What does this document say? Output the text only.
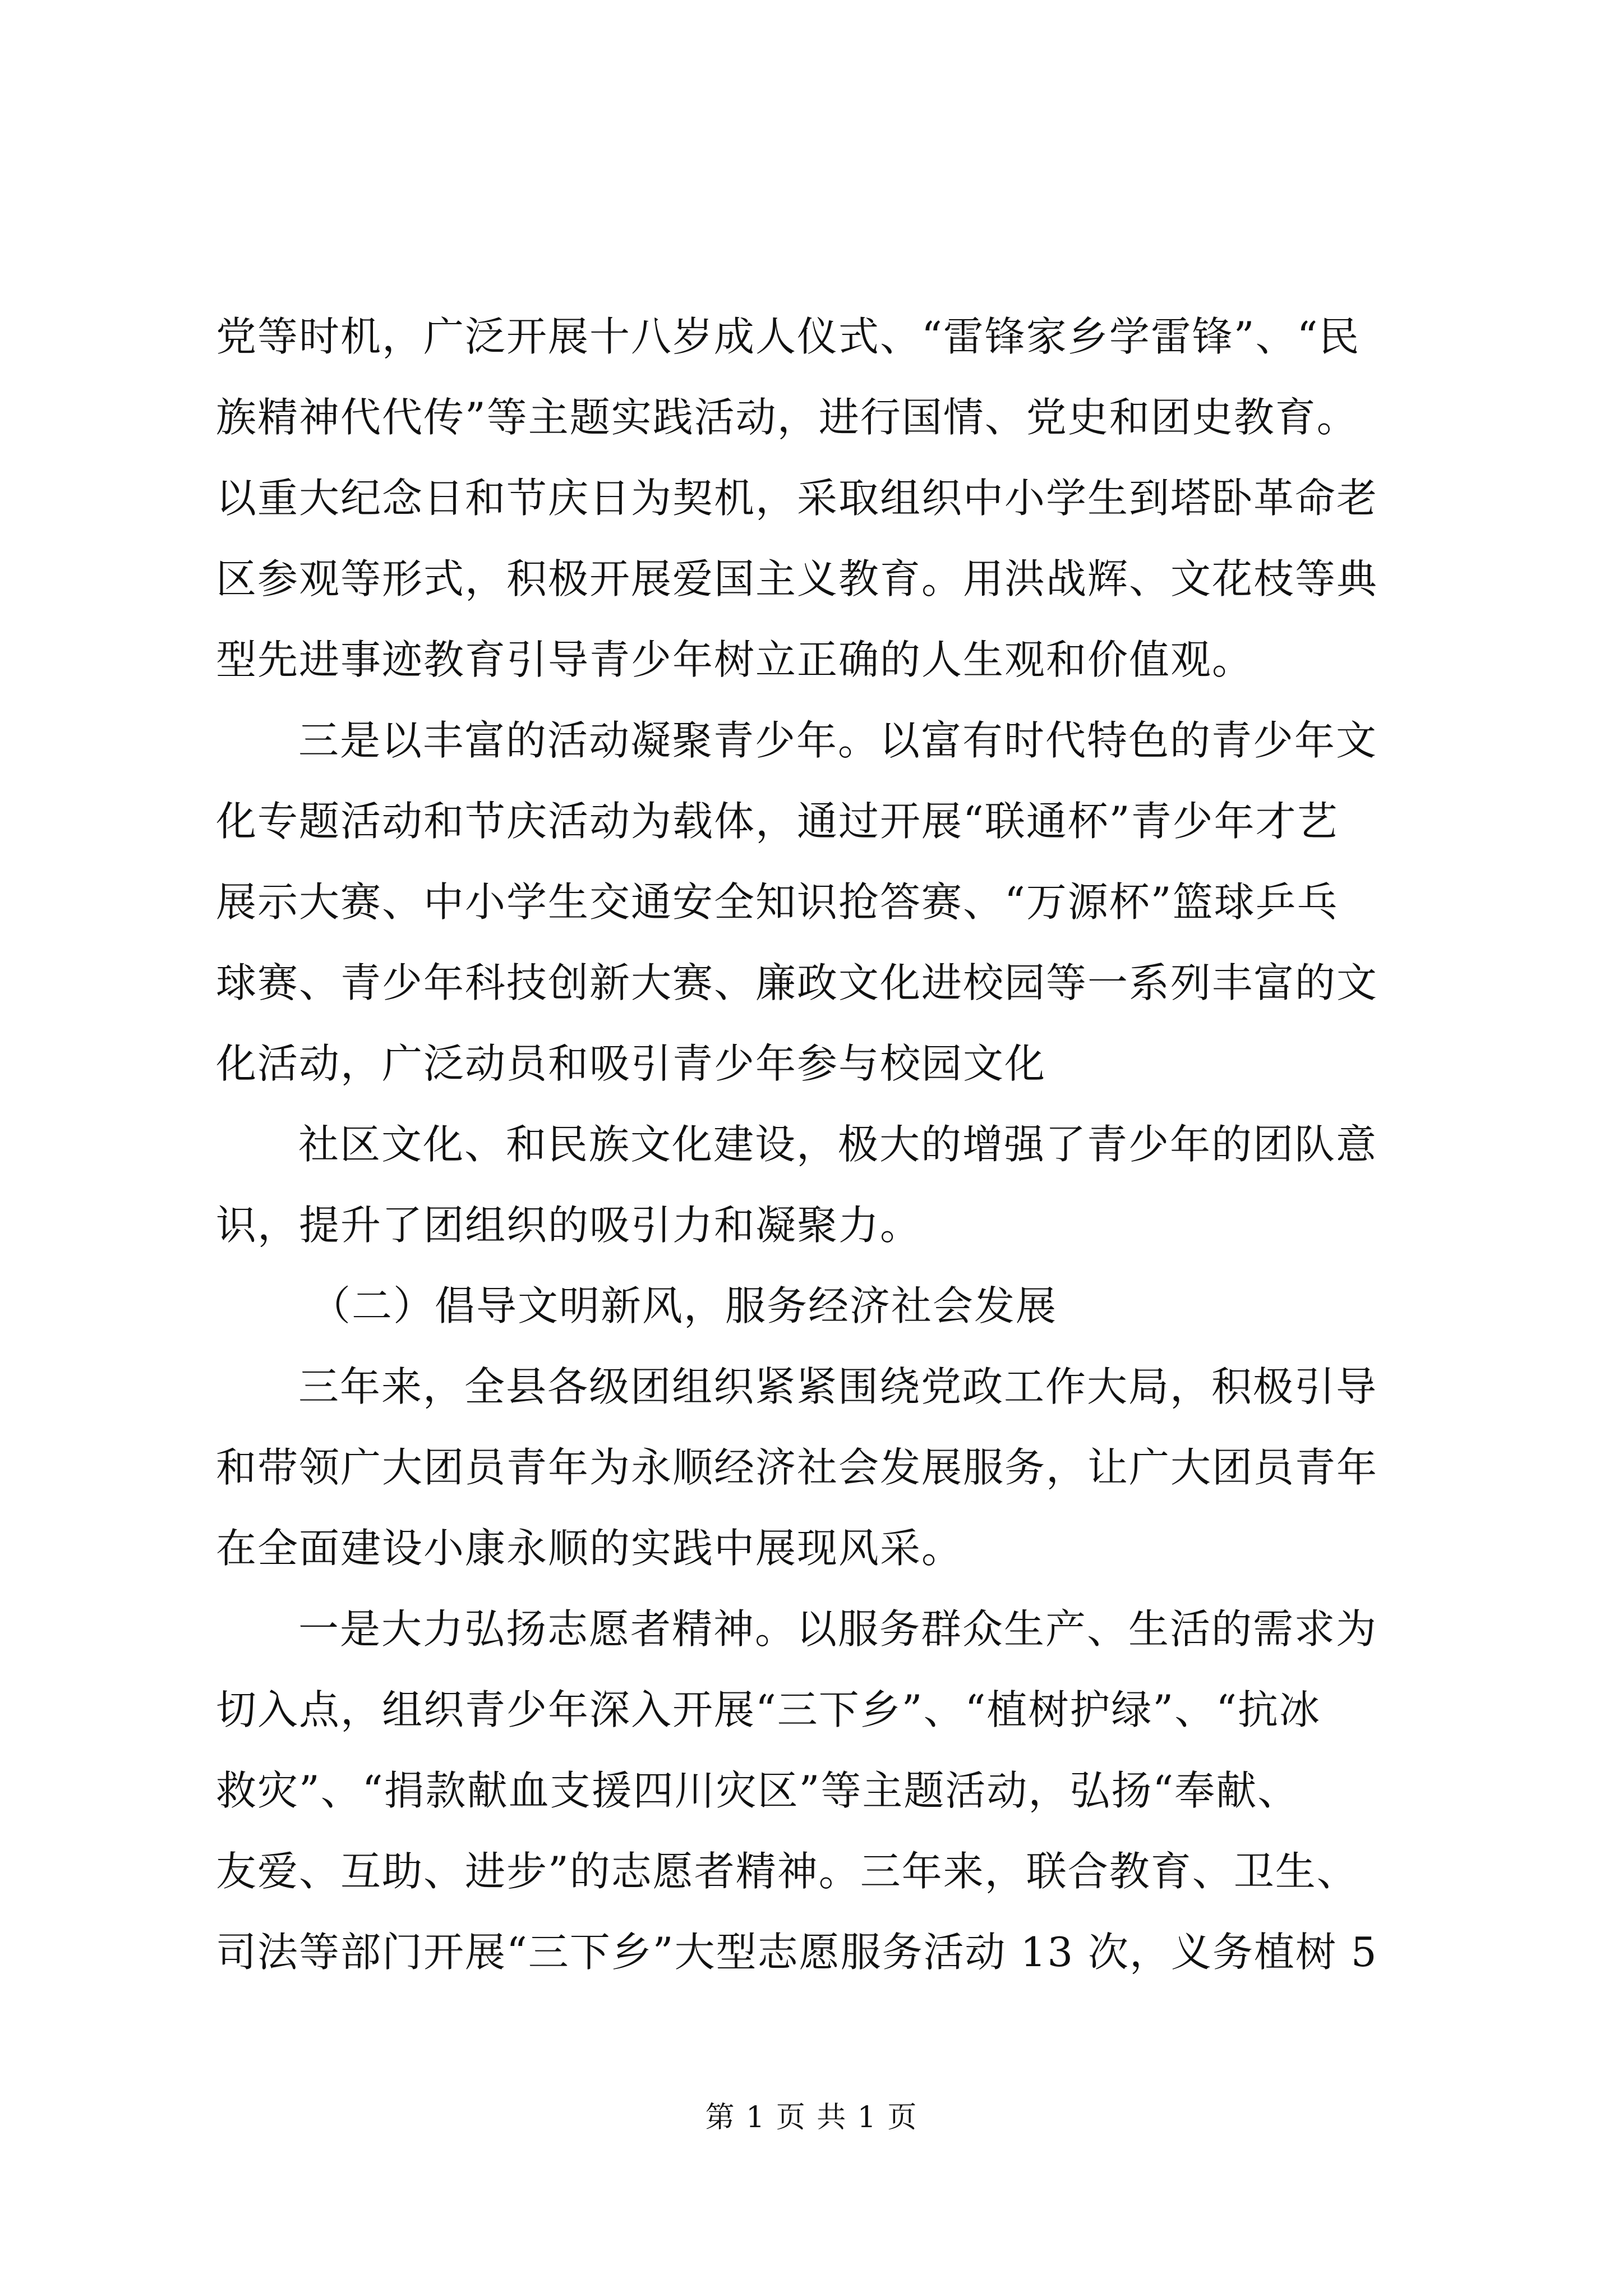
党等时机，广泛开展十八岁成人仪式、“雷锋家乡学雷锋”、“民
族精神代代传”等主题实践活动，进行国情、党史和团史教育。
以重大纪念日和节庆日为契机，采取组织中小学生到塔卧革命老
区参观等形式，积极开展爱国主义教育。用洪战辉、文花枝等典
型先进事迹教育引导青少年树立正确的人生观和价值观。
三是以丰富的活动凝聚青少年。以富有时代特色的青少年文
化专题活动和节庆活动为载体，通过开展“联通杯”青少年才艺
展示大赛、中小学生交通安全知识抢答赛、“万源杯”篮球乒乓
球赛、青少年科技创新大赛、廉政文化进校园等一系列丰富的文
化活动，广泛动员和吸引青少年参与校园文化
社区文化、和民族文化建设，极大的增强了青少年的团队意
识，提升了团组织的吸引力和凝聚力。
（二）倡导文明新风，服务经济社会发展
三年来，全县各级团组织紧紧围绕党政工作大局，积极引导
和带领广大团员青年为永顺经济社会发展服务，让广大团员青年
在全面建设小康永顺的实践中展现风采。
一是大力弘扬志愿者精神。以服务群众生产、生活的需求为
切入点，组织青少年深入开展“三下乡”、“植树护绿”、“抗冰
救灾”、“捐款献血支援四川灾区”等主题活动，弘扬“奉献、
友爱、互助、进步”的志愿者精神。三年来，联合教育、卫生、
司法等部门开展“三下乡”大型志愿服务活动 13 次，义务植树 5
第 1 页 共 1 页
